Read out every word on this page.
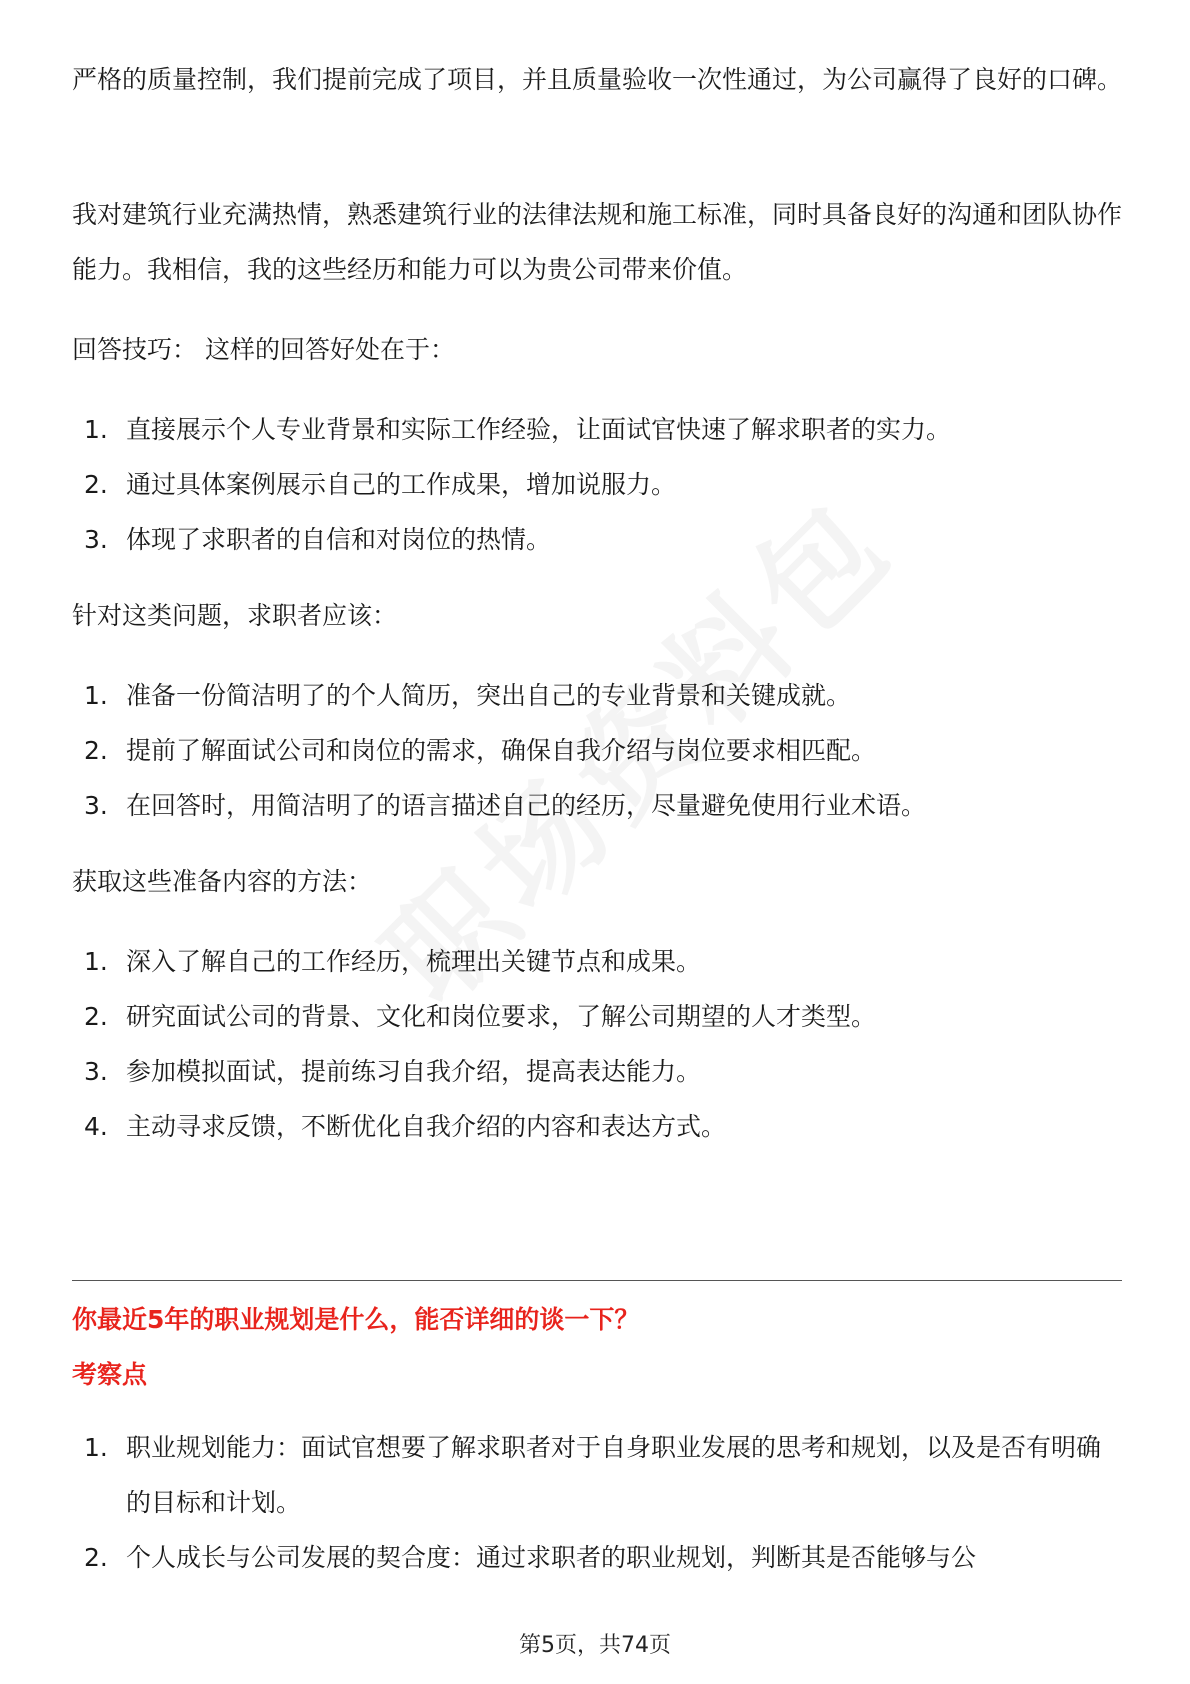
严格的质量控制，我们提前完成了项目，并且质量验收一次性通过，为公司赢得了良好的口碑。

我对建筑行业充满热情，熟悉建筑行业的法律法规和施工标准，同时具备良好的沟通和团队协作能力。我相信，我的这些经历和能力可以为贵公司带来价值。

回答技巧： 这样的回答好处在于：

1. 直接展示个人专业背景和实际工作经验，让面试官快速了解求职者的实力。
2. 通过具体案例展示自己的工作成果，增加说服力。
3. 体现了求职者的自信和对岗位的热情。

针对这类问题，求职者应该：

1. 准备一份简洁明了的个人简历，突出自己的专业背景和关键成就。
2. 提前了解面试公司和岗位的需求，确保自我介绍与岗位要求相匹配。
3. 在回答时，用简洁明了的语言描述自己的经历，尽量避免使用行业术语。

获取这些准备内容的方法：

1. 深入了解自己的工作经历，梳理出关键节点和成果。
2. 研究面试公司的背景、文化和岗位要求，了解公司期望的人才类型。
3. 参加模拟面试，提前练习自我介绍，提高表达能力。
4. 主动寻求反馈，不断优化自我介绍的内容和表达方式。
你最近5年的职业规划是什么，能否详细的谈一下？
考察点
1. 职业规划能力：面试官想要了解求职者对于自身职业发展的思考和规划，以及是否有明确的目标和计划。
2. 个人成长与公司发展的契合度：通过求职者的职业规划，判断其是否能够与公
第5页，共74页
